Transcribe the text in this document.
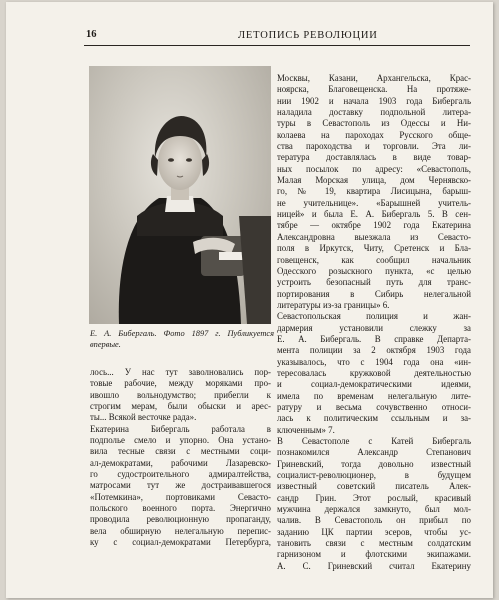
16	ЛЕТОПИСЬ РЕВОЛЮЦИИ
Е. А. Бибергаль. Фото 1897 г. Публикуется впервые.
Москвы, Казани, Архангельска, Крас-
ноярска, Благовещенска. На протяже-
нии 1902 и начала 1903 года Бибергаль
наладила доставку подпольной литера-
туры в Севастополь из Одессы и Ни-
колаева на пароходах Русского обще-
ства пароходства и торговли. Эта ли-
тература доставлялась в виде товар-
ных посылок по адресу: «Севастополь,
Малая Морская улица, дом Чернявско-
го, № 19, квартира Лисицына, барыш-
не учительнице». «Барышней учитель-
ницей» и была Е. А. Бибергаль 5. В сен-
тябре — октябре 1902 года Екатерина
Александровна выезжала из Севасто-
поля в Иркутск, Читу, Сретенск и Бла-
говещенск, как сообщил начальник
Одесского розыскного пункта, «с целью
устроить безопасный путь для транс-
портирования в Сибирь нелегальной
литературы из-за границы» 6.
Севастопольская полиция и жан-
дармерия установили слежку за
Е. А. Бибергаль. В справке Департа-
мента полиции за 2 октября 1903 года
указывалось, что с 1904 года она «ин-
тересовалась кружковой деятельностью
и социал-демократическими идеями,
имела по временам нелегальную лите-
ратуру и весьма сочувственно относи-
лась к политическим ссыльным и за-
ключенным» 7.
В Севастополе с Катей Бибергаль
познакомился Александр Степанович
Гриневский, тогда довольно известный
социалист-революционер, в будущем
известный советский писатель Алек-
сандр Грин. Этот рослый, красивый
мужчина держался замкнуто, был мол-
чалив. В Севастополь он прибыл по
заданию ЦК партии эсеров, чтобы ус-
тановить связи с местным солдатским
гарнизоном и флотскими экипажами.
А. С. Гриневский считал Екатерину
лось... У нас тут заволновались пор-
товые рабочие, между моряками про-
ивошло вольнодумство; прибегли к
строгим мерам, были обыски и арес-
ты... Всякой весточке рада».
Екатерина Бибергаль работала в
подполье смело и упорно. Она устано-
вила тесные связи с местными соци-
ал-демократами, рабочими Лазаревско-
го судостроительного адмиралтейства,
матросами тут же достраивавшегося
«Потемкина», портовиками Севасто-
польского военного порта. Энергично
проводила революционную пропаганду,
вела обширную нелегальную перепис-
ку с социал-демократами Петербурга,
